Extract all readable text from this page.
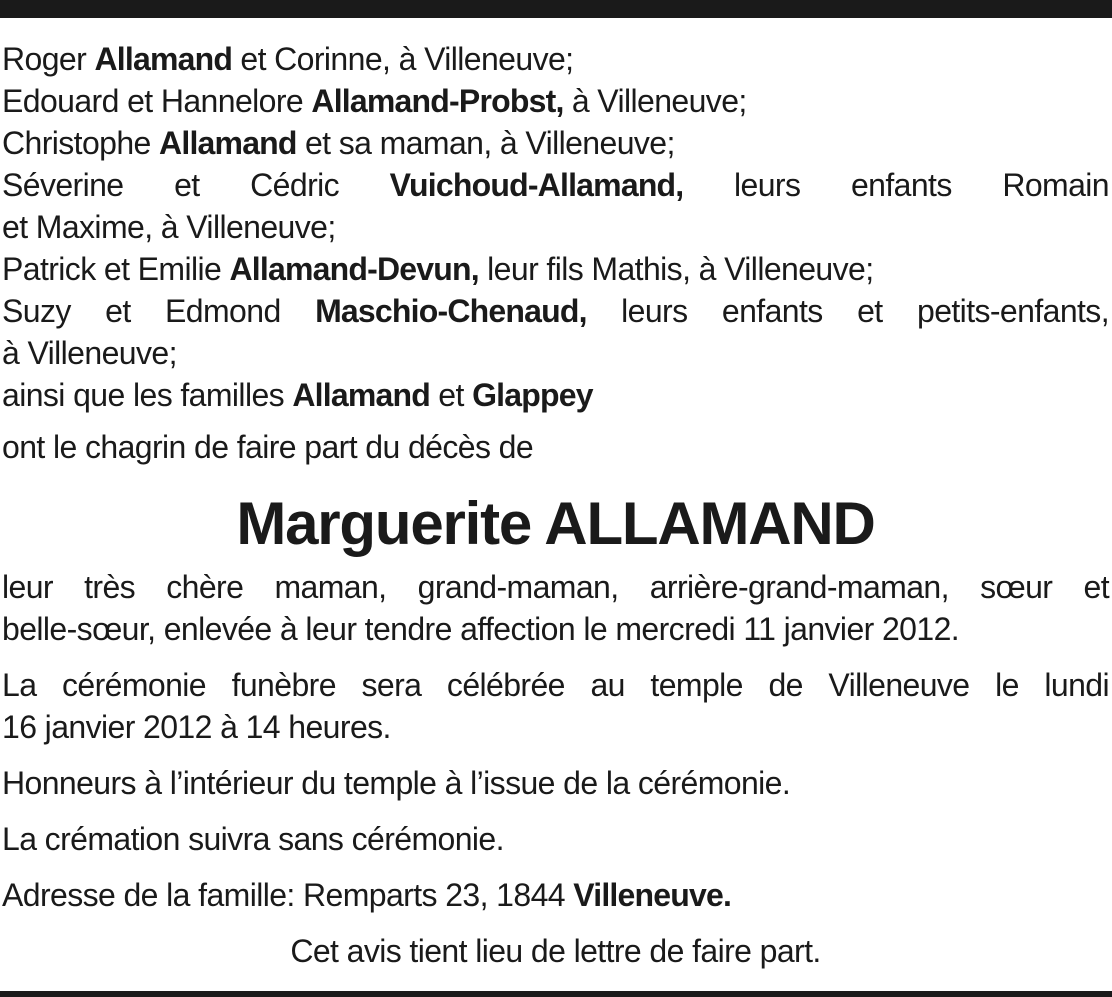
Roger Allamand et Corinne, à Villeneuve;
Edouard et Hannelore Allamand-Probst, à Villeneuve;
Christophe Allamand et sa maman, à Villeneuve;
Séverine et Cédric Vuichoud-Allamand, leurs enfants Romain
et Maxime, à Villeneuve;
Patrick et Emilie Allamand-Devun, leur fils Mathis, à Villeneuve;
Suzy et Edmond Maschio-Chenaud, leurs enfants et petits-enfants,
à Villeneuve;
ainsi que les familles Allamand et Glappey
ont le chagrin de faire part du décès de
Marguerite ALLAMAND
leur très chère maman, grand-maman, arrière-grand-maman, sœur et
belle-sœur, enlevée à leur tendre affection le mercredi 11 janvier 2012.
La cérémonie funèbre sera célébrée au temple de Villeneuve le lundi
16 janvier 2012 à 14 heures.
Honneurs à l’intérieur du temple à l’issue de la cérémonie.
La crémation suivra sans cérémonie.
Adresse de la famille: Remparts 23, 1844 Villeneuve.
Cet avis tient lieu de lettre de faire part.
